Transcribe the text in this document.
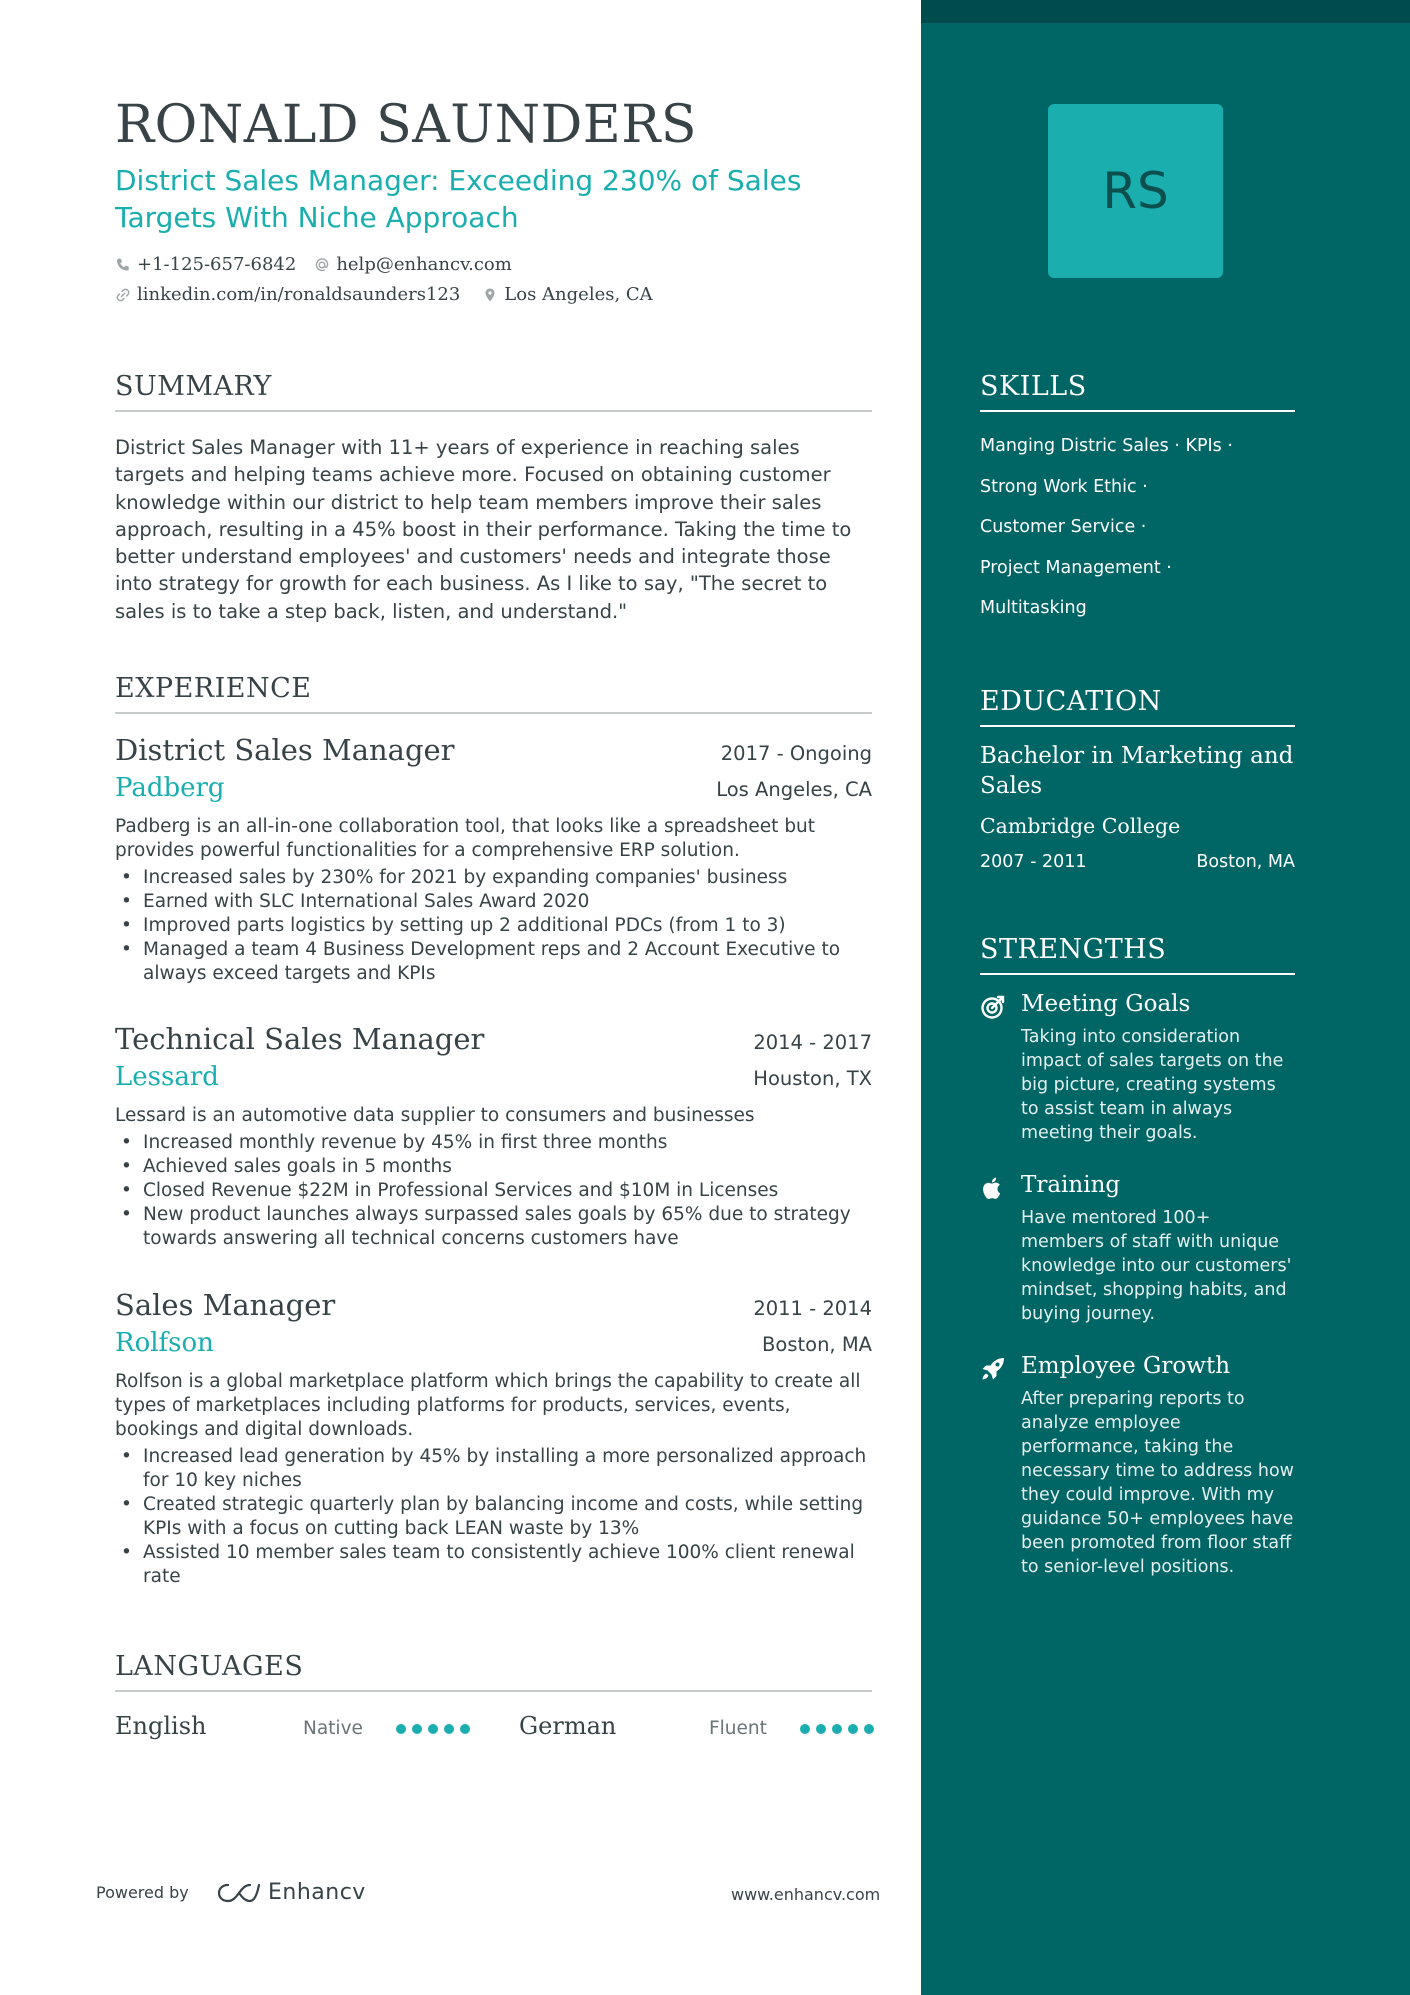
RONALD SAUNDERS
District Sales Manager: Exceeding 230% of Sales Targets With Niche Approach
+1-125-657-6842 help@enhancv.com
linkedin.com/in/ronaldsaunders123 Los Angeles, CA
SUMMARY
District Sales Manager with 11+ years of experience in reaching sales targets and helping teams achieve more. Focused on obtaining customer knowledge within our district to help team members improve their sales approach, resulting in a 45% boost in their performance. Taking the time to better understand employees' and customers' needs and integrate those into strategy for growth for each business. As I like to say, "The secret to sales is to take a step back, listen, and understand."
EXPERIENCE
District Sales Manager	2017 - Ongoing
Padberg	Los Angeles, CA
Padberg is an all-in-one collaboration tool, that looks like a spreadsheet but provides powerful functionalities for a comprehensive ERP solution.
• Increased sales by 230% for 2021 by expanding companies' business
• Earned with SLC International Sales Award 2020
• Improved parts logistics by setting up 2 additional PDCs (from 1 to 3)
• Managed a team 4 Business Development reps and 2 Account Executive to always exceed targets and KPIs
Technical Sales Manager	2014 - 2017
Lessard	Houston, TX
Lessard is an automotive data supplier to consumers and businesses
• Increased monthly revenue by 45% in first three months
• Achieved sales goals in 5 months
• Closed Revenue $22M in Professional Services and $10M in Licenses
• New product launches always surpassed sales goals by 65% due to strategy towards answering all technical concerns customers have
Sales Manager	2011 - 2014
Rolfson	Boston, MA
Rolfson is a global marketplace platform which brings the capability to create all types of marketplaces including platforms for products, services, events, bookings and digital downloads.
• Increased lead generation by 45% by installing a more personalized approach for 10 key niches
• Created strategic quarterly plan by balancing income and costs, while setting KPIs with a focus on cutting back LEAN waste by 13%
• Assisted 10 member sales team to consistently achieve 100% client renewal rate
LANGUAGES
English	Native	German	Fluent
Powered by	Enhancv	www.enhancv.com
RS
SKILLS
Manging Distric Sales · KPIs ·
Strong Work Ethic ·
Customer Service ·
Project Management ·
Multitasking
EDUCATION
Bachelor in Marketing and Sales
Cambridge College
2007 - 2011	Boston, MA
STRENGTHS
Meeting Goals
Taking into consideration impact of sales targets on the big picture, creating systems to assist team in always meeting their goals.
Training
Have mentored 100+ members of staff with unique knowledge into our customers' mindset, shopping habits, and buying journey.
Employee Growth
After preparing reports to analyze employee performance, taking the necessary time to address how they could improve. With my guidance 50+ employees have been promoted from floor staff to senior-level positions.
